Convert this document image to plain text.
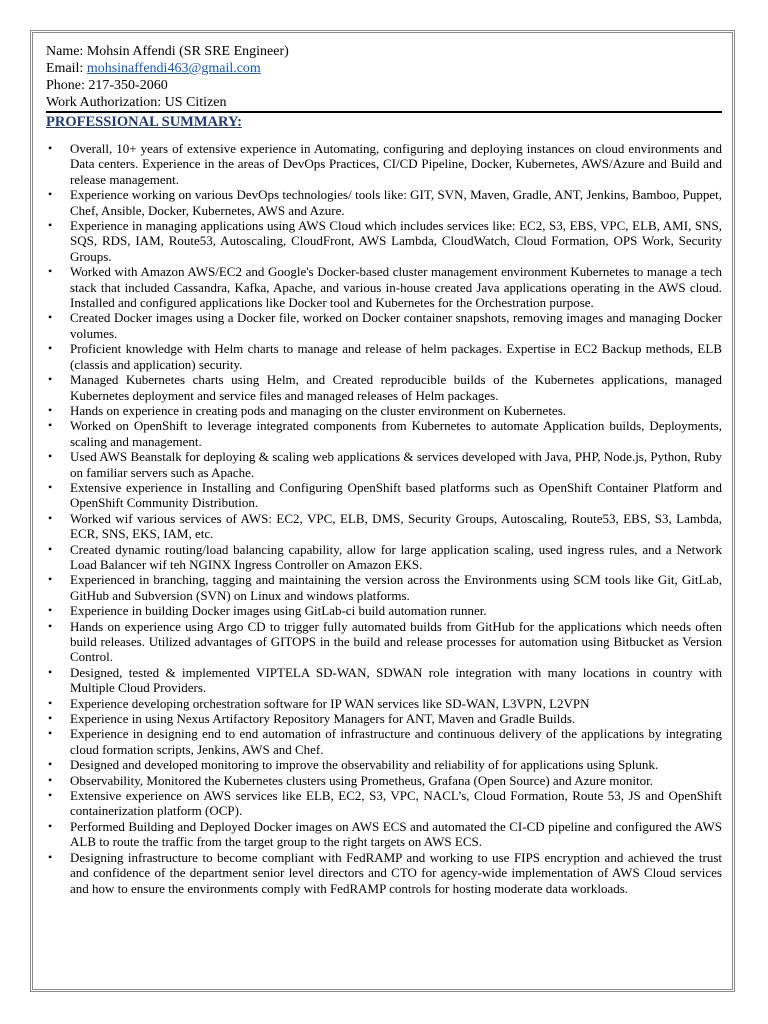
Name: Mohsin Affendi (SR SRE Engineer)
Email: mohsinaffendi463@gmail.com
Phone: 217-350-2060
Work Authorization: US Citizen
PROFESSIONAL SUMMARY:
• Overall, 10+ years of extensive experience in Automating, configuring and deploying instances on cloud environments and Data centers. Experience in the areas of DevOps Practices, CI/CD Pipeline, Docker, Kubernetes, AWS/Azure and Build and release management.
• Experience working on various DevOps technologies/ tools like: GIT, SVN, Maven, Gradle, ANT, Jenkins, Bamboo, Puppet, Chef, Ansible, Docker, Kubernetes, AWS and Azure.
• Experience in managing applications using AWS Cloud which includes services like: EC2, S3, EBS, VPC, ELB, AMI, SNS, SQS, RDS, IAM, Route53, Autoscaling, CloudFront, AWS Lambda, CloudWatch, Cloud Formation, OPS Work, Security Groups.
• Worked with Amazon AWS/EC2 and Google's Docker-based cluster management environment Kubernetes to manage a tech stack that included Cassandra, Kafka, Apache, and various in-house created Java applications operating in the AWS cloud. Installed and configured applications like Docker tool and Kubernetes for the Orchestration purpose.
• Created Docker images using a Docker file, worked on Docker container snapshots, removing images and managing Docker volumes.
• Proficient knowledge with Helm charts to manage and release of helm packages. Expertise in EC2 Backup methods, ELB (classis and application) security.
• Managed Kubernetes charts using Helm, and Created reproducible builds of the Kubernetes applications, managed Kubernetes deployment and service files and managed releases of Helm packages.
• Hands on experience in creating pods and managing on the cluster environment on Kubernetes.
• Worked on OpenShift to leverage integrated components from Kubernetes to automate Application builds, Deployments, scaling and management.
• Used AWS Beanstalk for deploying & scaling web applications & services developed with Java, PHP, Node.js, Python, Ruby on familiar servers such as Apache.
• Extensive experience in Installing and Configuring OpenShift based platforms such as OpenShift Container Platform and OpenShift Community Distribution.
• Worked wif various services of AWS: EC2, VPC, ELB, DMS, Security Groups, Autoscaling, Route53, EBS, S3, Lambda, ECR, SNS, EKS, IAM, etc.
• Created dynamic routing/load balancing capability, allow for large application scaling, used ingress rules, and a Network Load Balancer wif teh NGINX Ingress Controller on Amazon EKS.
• Experienced in branching, tagging and maintaining the version across the Environments using SCM tools like Git, GitLab, GitHub and Subversion (SVN) on Linux and windows platforms.
• Experience in building Docker images using GitLab-ci build automation runner.
• Hands on experience using Argo CD to trigger fully automated builds from GitHub for the applications which needs often build releases. Utilized advantages of GITOPS in the build and release processes for automation using Bitbucket as Version Control.
• Designed, tested & implemented VIPTELA SD-WAN, SDWAN role integration with many locations in country with Multiple Cloud Providers.
• Experience developing orchestration software for IP WAN services like SD-WAN, L3VPN, L2VPN
• Experience in using Nexus Artifactory Repository Managers for ANT, Maven and Gradle Builds.
• Experience in designing end to end automation of infrastructure and continuous delivery of the applications by integrating cloud formation scripts, Jenkins, AWS and Chef.
• Designed and developed monitoring to improve the observability and reliability of for applications using Splunk.
• Observability, Monitored the Kubernetes clusters using Prometheus, Grafana (Open Source) and Azure monitor.
• Extensive experience on AWS services like ELB, EC2, S3, VPC, NACL’s, Cloud Formation, Route 53, JS and OpenShift containerization platform (OCP).
• Performed Building and Deployed Docker images on AWS ECS and automated the CI-CD pipeline and configured the AWS ALB to route the traffic from the target group to the right targets on AWS ECS.
• Designing infrastructure to become compliant with FedRAMP and working to use FIPS encryption and achieved the trust and confidence of the department senior level directors and CTO for agency-wide implementation of AWS Cloud services and how to ensure the environments comply with FedRAMP controls for hosting moderate data workloads.
